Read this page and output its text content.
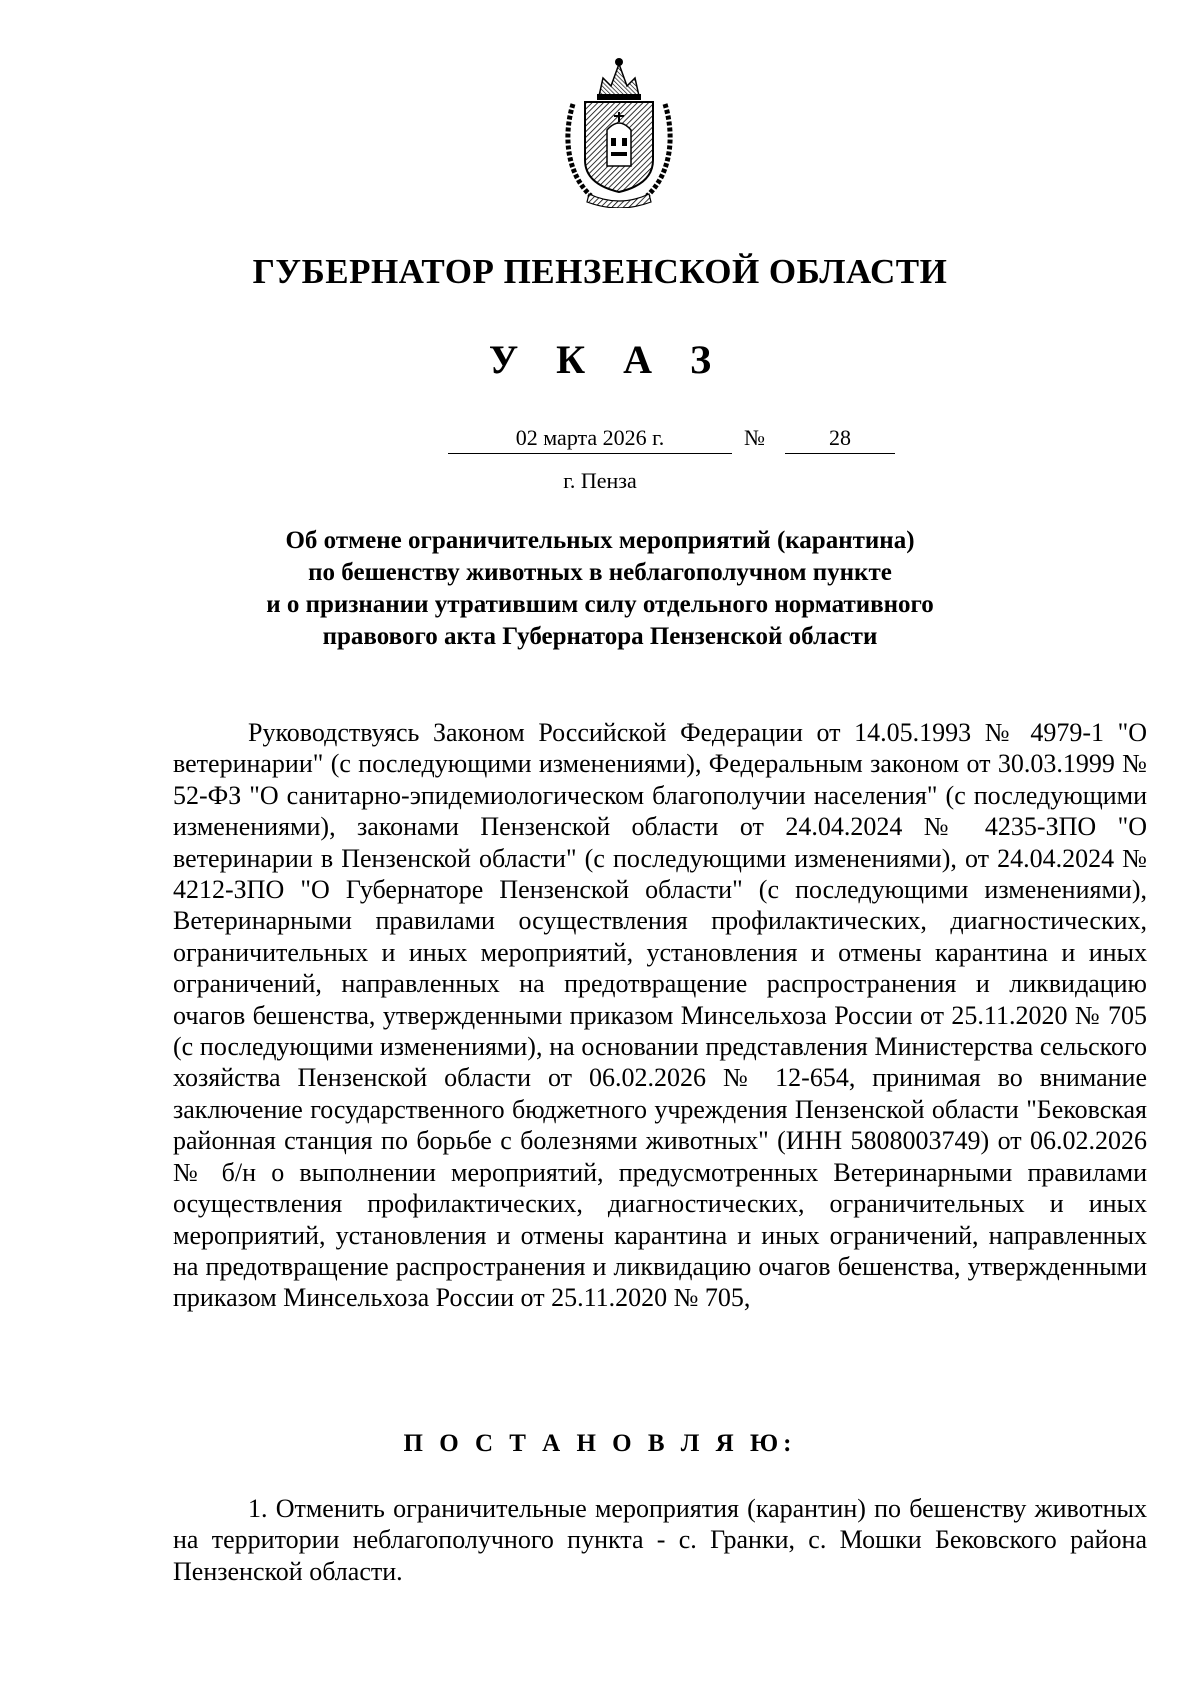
ГУБЕРНАТОР ПЕНЗЕНСКОЙ ОБЛАСТИ
У К А З
02 марта 2026 г.	№	28
г. Пенза
Об отмене ограничительных мероприятий (карантина)
по бешенству животных в неблагополучном пункте
и о признании утратившим силу отдельного нормативного
правового акта Губернатора Пензенской области
Руководствуясь Законом Российской Федерации от 14.05.1993 № 4979-1 "О ветеринарии" (с последующими изменениями), Федеральным законом от 30.03.1999 № 52-ФЗ "О санитарно-эпидемиологическом благополучии населения" (с последующими изменениями), законами Пензенской области от 24.04.2024 № 4235-ЗПО "О ветеринарии в Пензенской области" (с последующими изменениями), от 24.04.2024 № 4212-ЗПО "О Губернаторе Пензенской области" (с последующими изменениями), Ветеринарными правилами осуществления профилактических, диагностических, ограничительных и иных мероприятий, установления и отмены карантина и иных ограничений, направленных на предотвращение распространения и ликвидацию очагов бешенства, утвержденными приказом Минсельхоза России от 25.11.2020 № 705 (с последующими изменениями), на основании представления Министерства сельского хозяйства Пензенской области от 06.02.2026 № 12-654, принимая во внимание заключение государственного бюджетного учреждения Пензенской области "Бековская районная станция по борьбе с болезнями животных" (ИНН 5808003749) от 06.02.2026 № б/н о выполнении мероприятий, предусмотренных Ветеринарными правилами осуществления профилактических, диагностических, ограничительных и иных мероприятий, установления и отмены карантина и иных ограничений, направленных на предотвращение распространения и ликвидацию очагов бешенства, утвержденными приказом Минсельхоза России от 25.11.2020 № 705,
П О С Т А Н О В Л Я Ю:
1. Отменить ограничительные мероприятия (карантин) по бешенству животных на территории неблагополучного пункта - с. Гранки, с. Мошки Бековского района Пензенской области.
